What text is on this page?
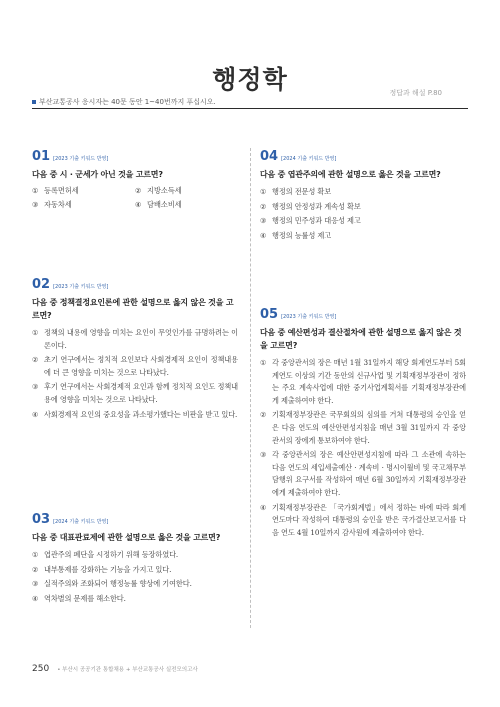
행정학	정답과 해설 P.80
부산교통공사 응시자는 40문 동안 1~40번까지 푸십시오.
01 [2023 기출 키워드 반영]
다음 중 시 · 군세가 아닌 것을 고르면?
① 등록면허세	② 지방소득세
③ 자동차세	④ 담배소비세
02 [2023 기출 키워드 반영]
다음 중 정책결정요인론에 관한 설명으로 옳지 않은 것을 고르면?
① 정책의 내용에 영향을 미치는 요인이 무엇인가를 규명하려는 이론이다.
② 초기 연구에서는 정치적 요인보다 사회경제적 요인이 정책내용에 더 큰 영향을 미치는 것으로 나타났다.
③ 후기 연구에서는 사회경제적 요인과 함께 정치적 요인도 정책내용에 영향을 미치는 것으로 나타났다.
④ 사회경제적 요인의 중요성을 과소평가했다는 비판을 받고 있다.
03 [2024 기출 키워드 반영]
다음 중 대표관료제에 관한 설명으로 옳은 것을 고르면?
① 엽관주의 폐단을 시정하기 위해 등장하였다.
② 내부통제를 강화하는 기능을 가지고 있다.
③ 실적주의와 조화되어 행정능률 향상에 기여한다.
④ 역차별의 문제를 해소한다.
04 [2024 기출 키워드 반영]
다음 중 엽관주의에 관한 설명으로 옳은 것을 고르면?
① 행정의 전문성 확보
② 행정의 안정성과 계속성 확보
③ 행정의 민주성과 대응성 제고
④ 행정의 능률성 제고
05 [2023 기출 키워드 반영]
다음 중 예산편성과 결산절차에 관한 설명으로 옳지 않은 것을 고르면?
① 각 중앙관서의 장은 매년 1월 31일까지 해당 회계연도부터 5회계연도 이상의 기간 동안의 신규사업 및 기획재정부장관이 정하는 주요 계속사업에 대한 중기사업계획서를 기획재정부장관에게 제출하여야 한다.
② 기획재정부장관은 국무회의의 심의를 거쳐 대통령의 승인을 얻은 다음 연도의 예산안편성지침을 매년 3월 31일까지 각 중앙관서의 장에게 통보하여야 한다.
③ 각 중앙관서의 장은 예산안편성지침에 따라 그 소관에 속하는 다음 연도의 세입세출예산 · 계속비 · 명시이월비 및 국고채무부담행위 요구서를 작성하여 매년 6월 30일까지 기획재정부장관에게 제출하여야 한다.
④ 기획재정부장관은 「국가회계법」에서 정하는 바에 따라 회계연도마다 작성하여 대통령의 승인을 받은 국가결산보고서를 다음 연도 4월 10일까지 감사원에 제출하여야 한다.
250 • 부산시 공공기관 통합채용 + 부산교통공사 실전모의고사
